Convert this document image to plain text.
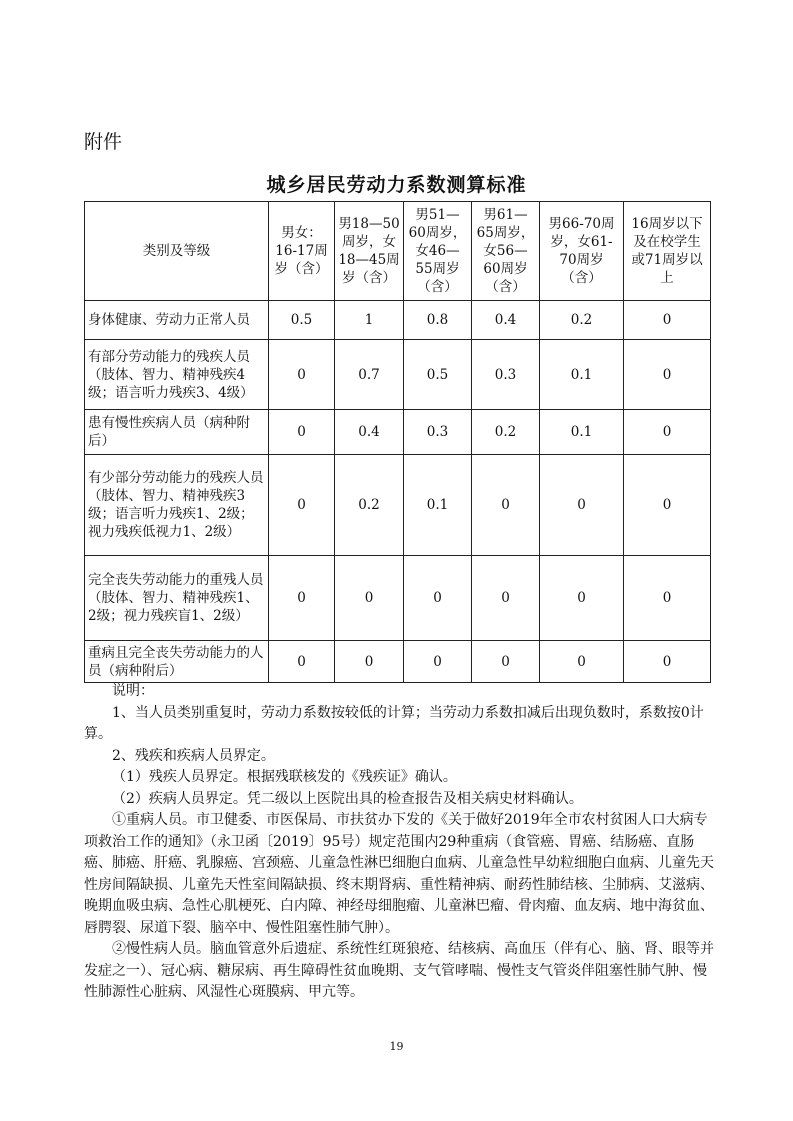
附件
城乡居民劳动力系数测算标准
类别及等级	男女：16-17周岁（含）	男18—50周岁，女18—45周岁（含）	男51—60周岁，女46—55周岁（含）	男61—65周岁，女56—60周岁（含）	男66-70周岁，女61-70周岁（含）	16周岁以下及在校学生或71周岁以上
身体健康、劳动力正常人员	0.5	1	0.8	0.4	0.2	0
有部分劳动能力的残疾人员（肢体、智力、精神残疾4级；语言听力残疾3、4级）	0	0.7	0.5	0.3	0.1	0
患有慢性疾病人员（病种附后）	0	0.4	0.3	0.2	0.1	0
有少部分劳动能力的残疾人员（肢体、智力、精神残疾3级；语言听力残疾1、2级；视力残疾低视力1、2级）	0	0.2	0.1	0	0	0
完全丧失劳动能力的重残人员（肢体、智力、精神残疾1、2级；视力残疾盲1、2级）	0	0	0	0	0	0
重病且完全丧失劳动能力的人员（病种附后）	0	0	0	0	0	0

说明：

1、当人员类别重复时，劳动力系数按较低的计算；当劳动力系数扣减后出现负数时，系数按0计算。

2、残疾和疾病人员界定。

（1）残疾人员界定。根据残联核发的《残疾证》确认。

（2）疾病人员界定。凭二级以上医院出具的检查报告及相关病史材料确认。

①重病人员。市卫健委、市医保局、市扶贫办下发的《关于做好2019年全市农村贫困人口大病专项救治工作的通知》（永卫函〔2019〕95号）规定范围内29种重病（食管癌、胃癌、结肠癌、直肠癌、肺癌、肝癌、乳腺癌、宫颈癌、儿童急性淋巴细胞白血病、儿童急性早幼粒细胞白血病、儿童先天性房间隔缺损、儿童先天性室间隔缺损、终末期肾病、重性精神病、耐药性肺结核、尘肺病、艾滋病、晚期血吸虫病、急性心肌梗死、白内障、神经母细胞瘤、儿童淋巴瘤、骨肉瘤、血友病、地中海贫血、唇腭裂、尿道下裂、脑卒中、慢性阻塞性肺气肿）。

②慢性病人员。脑血管意外后遗症、系统性红斑狼疮、结核病、高血压（伴有心、脑、肾、眼等并发症之一）、冠心病、糖尿病、再生障碍性贫血晚期、支气管哮喘、慢性支气管炎伴阻塞性肺气肿、慢性肺源性心脏病、风湿性心斑膜病、甲亢等。

19
